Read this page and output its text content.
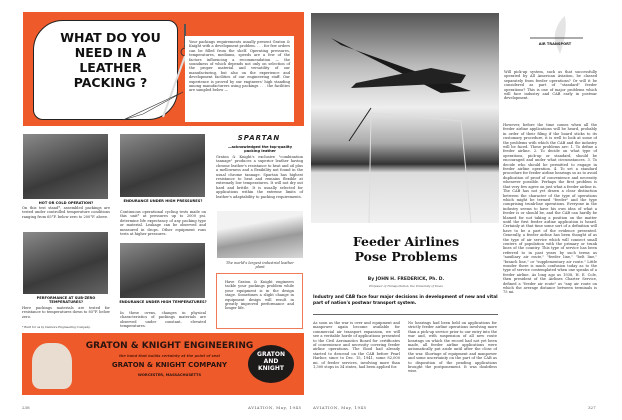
WHAT DO YOU NEED IN A LEATHER PACKING ?
Your packings requirements usually present Graton & Knight with a development problem. . . . for few orders can be filled from the shelf. Operating pressures, temperatures, mediums, speeds are a few of the factors influencing a recommendation — the soundness of which depends not only on selection of the proper material and versatility of our manufacturing, but also on the experience and development facilities of our engineering staff. Our experience is proved by our engineers' high standing among manufacturers using packings . . . the facilities are sampled below —
HOT OR COLD OPERATION?
On this test stand*, assembled packings are tested under controlled temperature conditions ranging from 65°F. below zero to 200°F. above.
ENDURANCE UNDER HIGH PRESSURES?
Continuous operational cycling tests made on this unit* at pressures up to 2000 psi. determine life expectancy of any packing type or material. Leakage can be observed and measured in drops. Other equipment runs tests at higher pressures.
PERFORMANCE AT SUB-ZERO TEMPERATURES?
Here packings materials are tested for resistance to temperatures down to 85°F. below zero.
* Built for us by Delmore Engineering Company.
ENDURANCE UNDER HIGH TEMPERATURES?
In these ovens, changes in physical characteristics of packings materials are observed under constant, elevated temperatures.
SPARTAN
—acknowledged the top-quality packing leather
Graton & Knight's exclusive "combination tannage" produces a superior leather having chrome leather's resistance to heat and oil plus a mellowness and a flexibility not found in the usual chrome tannage. Spartan has highest resistance to heat and remains flexible at extremely low temperatures. It will not dry out hard and brittle. It is usually selected for applications within the extreme limits of leather's adaptability to packing requirements.
The world's largest industrial leather plant
Have Graton & Knight engineers tackle your packings problem while your equipment is in the design stage. Sometimes a slight change in equipment design will result in greatly improved performance and longer life.
GRATON & KNIGHT ENGINEERING
the hand that builds certainty at the point of seal
GRATON & KNIGHT COMPANY
WORCESTER, MASSACHUSETTS
GRATON AND KNIGHT
238	AVIATION, May, 1945
AIR TRANSPORT
Will pick-up system, such as that successfully operated by All American Aviation, be classed separately from feeder operations? Or will it be considered as part of "standard" feeder operations? This is one of major problems which will face industry and CAB early in postwar development.
However, before the time comes when all the feeder airline applications will be heard, probably in order of their filing if the board sticks to its customary procedure, it is well to look at some of the problems with which the CAB and the industry will be faced. These problems are: 1. To define a feeder airline. 2. To decide on what type of operations, pick-up or standard, should be encouraged and under what circumstances. 3. To decide who should be permitted to engage in feeder airline operation. 4. To set a standard procedure for feeder airline hearings so as to avoid duplication of proof of convenience and necessity whenever possible. Perhaps the first problem is that very few agree on just what a feeder airline is. The CAB has not yet drawn a clear distinction between the character of the type of operations which might be termed "feeder" and the type comprising trunk-line operations. Everyone in the industry seems to have his own idea of what a feeder is or should be, and the CAB can hardly be blamed for not taking a position on the matter until the first feeder airline application is heard. Certainly at that time some sort of a definition will have to be a part of the evidence presented. Generally, a feeder airline has been thought of as the type of air service which will connect small centers of population with the primary or trunk lines of the country. This type of service has been referred to in past years by such terms as "auxiliary air route," "feeder line," "belt line," "branch line," or "supplementary air route." Little wonder there is much confusion today as to the type of service contemplated when one speaks of a feeder airline. As long ago as 1938, H. E. Cole, then president of the Airlines Charter Service, defined a "feeder air route" as "any air route on which the average distance between terminals is 75 mi.
Feeder Airlines
Pose Problems
By JOHN H. FREDERICK, Ph. D.
Professor of Transportation, the University of Texas
Industry and CAB face four major decisions in development of new and vital part of nation's postwar transport system.
As soon as the war is over and equipment and manpower again become available for commercial air transport expansion, we will see a veritable horde of applications presented to the Civil Aeronautics Board for certificates of convenience and necessity covering feeder airline operations. The flood had already started to descend on the CAB before Pearl Harbor, since to Dec. 15, 1941, some 82,000 mi. of feeder services, involving more than 1,300 stops in 34 states, had been applied for.
No hearings had been held on applications for strictly feeder airline operations involving more than a pick-up service prior to our entry into the war and, with suspension of all new route hearings on which the record had not yet been made, all feeder airline applications were automatically put aside until after the close of the war. Shortage of equipment and manpower and some uncertainty on the part of the CAB as to disposition of the pending applications brought the postponement. It was doubtless wise.
AVIATION, May, 1945	327
